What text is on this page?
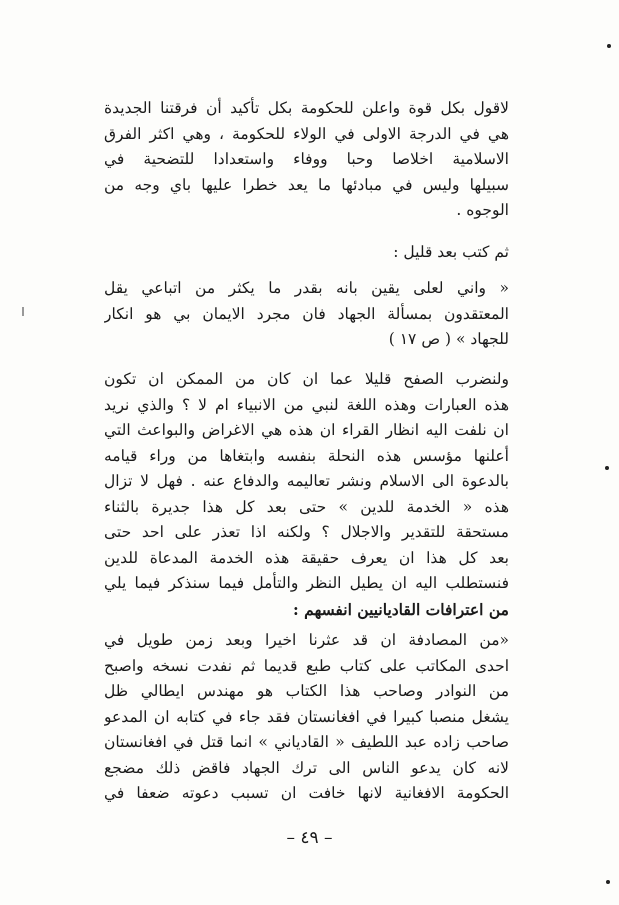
لاقول بكل قوة واعلن للحكومة بكل تأكيد أن فرقتنا الجديدة
هي في الدرجة الاولى في الولاء للحكومة ، وهي اكثر الفرق
الاسلامية اخلاصا وحبا ووفاء واستعدادا للتضحية في
سبيلها وليس في مبادئها ما يعد خطرا عليها باي وجه من
الوجوه .
ثم كتب بعد قليل :
« واني لعلى يقين بانه بقدر ما يكثر من اتباعي يقل
المعتقدون بمسألة الجهاد فان مجرد الايمان بي هو انكار
للجهاد » ( ص ١٧ )
ولنضرب الصفح قليلا عما ان كان من الممكن ان تكون
هذه العبارات وهذه اللغة لنبي من الانبياء ام لا ؟ والذي نريد
ان نلفت اليه انظار القراء ان هذه هي الاغراض والبواعث التي
أعلنها مؤسس هذه النحلة بنفسه وابتغاها من وراء قيامه
بالدعوة الى الاسلام ونشر تعاليمه والدفاع عنه . فهل لا تزال
هذه « الخدمة للدين » حتى بعد كل هذا جديرة بالثناء
مستحقة للتقدير والاجلال ؟ ولكنه اذا تعذر على احد حتى
بعد كل هذا ان يعرف حقيقة هذه الخدمة المدعاة للدين
فنستطلب اليه ان يطيل النظر والتأمل فيما سنذكر فيما يلي
من اعترافات القاديانيين انفسهم :
«من المصادفة ان قد عثرنا اخيرا وبعد زمن طويل في
احدى المكاتب على كتاب طبع قديما ثم نفدت نسخه واصبح
من النوادر وصاحب هذا الكتاب هو مهندس ايطالي ظل
يشغل منصبا كبيرا في افغانستان فقد جاء في كتابه ان المدعو
صاحب زاده عبد اللطيف « القادياني » انما قتل في افغانستان
لانه كان يدعو الناس الى ترك الجهاد فاقض ذلك مضجع
الحكومة الافغانية لانها خافت ان تسبب دعوته ضعفا في
– ٤٩ –
